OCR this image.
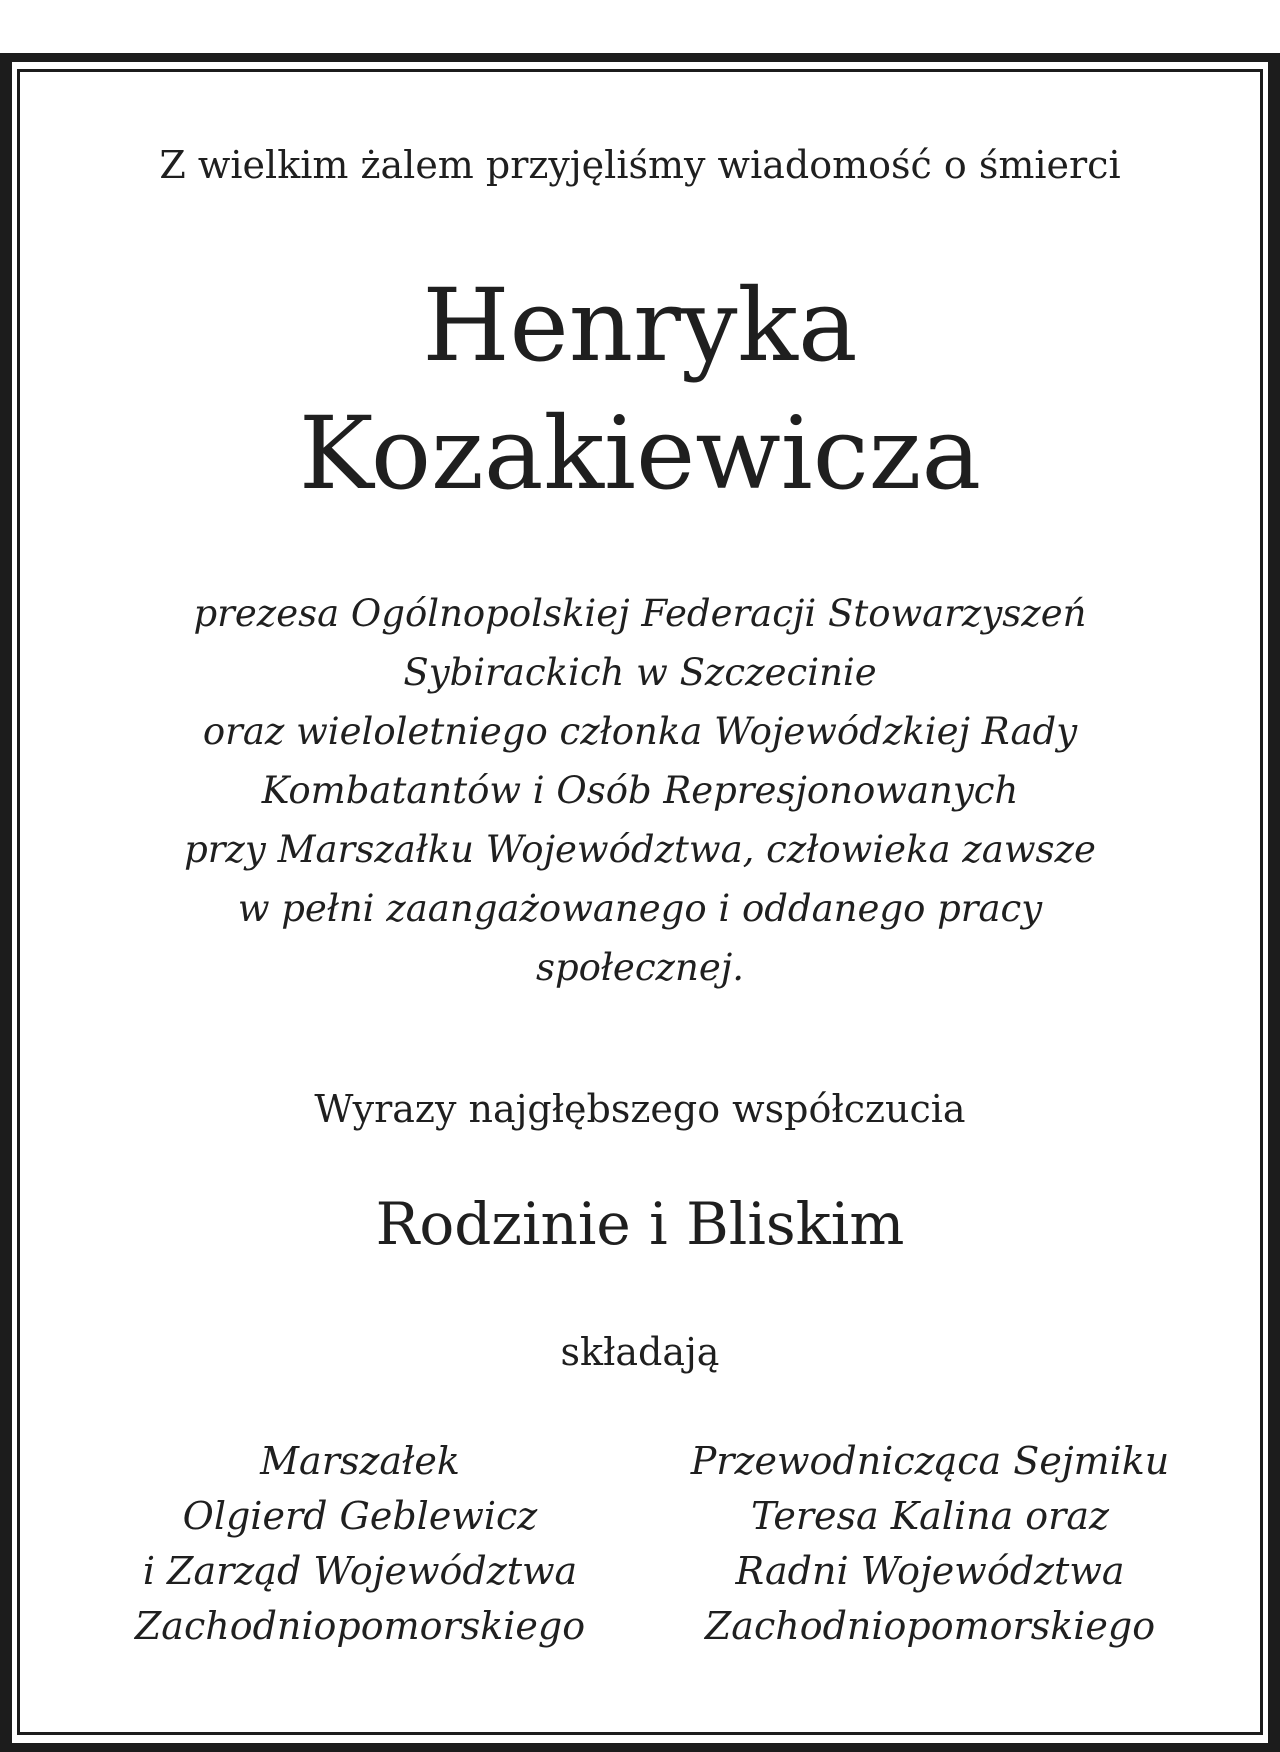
Z wielkim żalem przyjęliśmy wiadomość o śmierci

Henryka
Kozakiewicza

prezesa Ogólnopolskiej Federacji Stowarzyszeń
Sybirackich w Szczecinie
oraz wieloletniego członka Wojewódzkiej Rady
Kombatantów i Osób Represjonowanych
przy Marszałku Województwa, człowieka zawsze
w pełni zaangażowanego i oddanego pracy
społecznej.

Wyrazy najgłębszego współczucia

Rodzinie i Bliskim

składają

Marszałek
Olgierd Geblewicz
i Zarząd Województwa
Zachodniopomorskiego
Przewodnicząca Sejmiku
Teresa Kalina oraz
Radni Województwa
Zachodniopomorskiego
